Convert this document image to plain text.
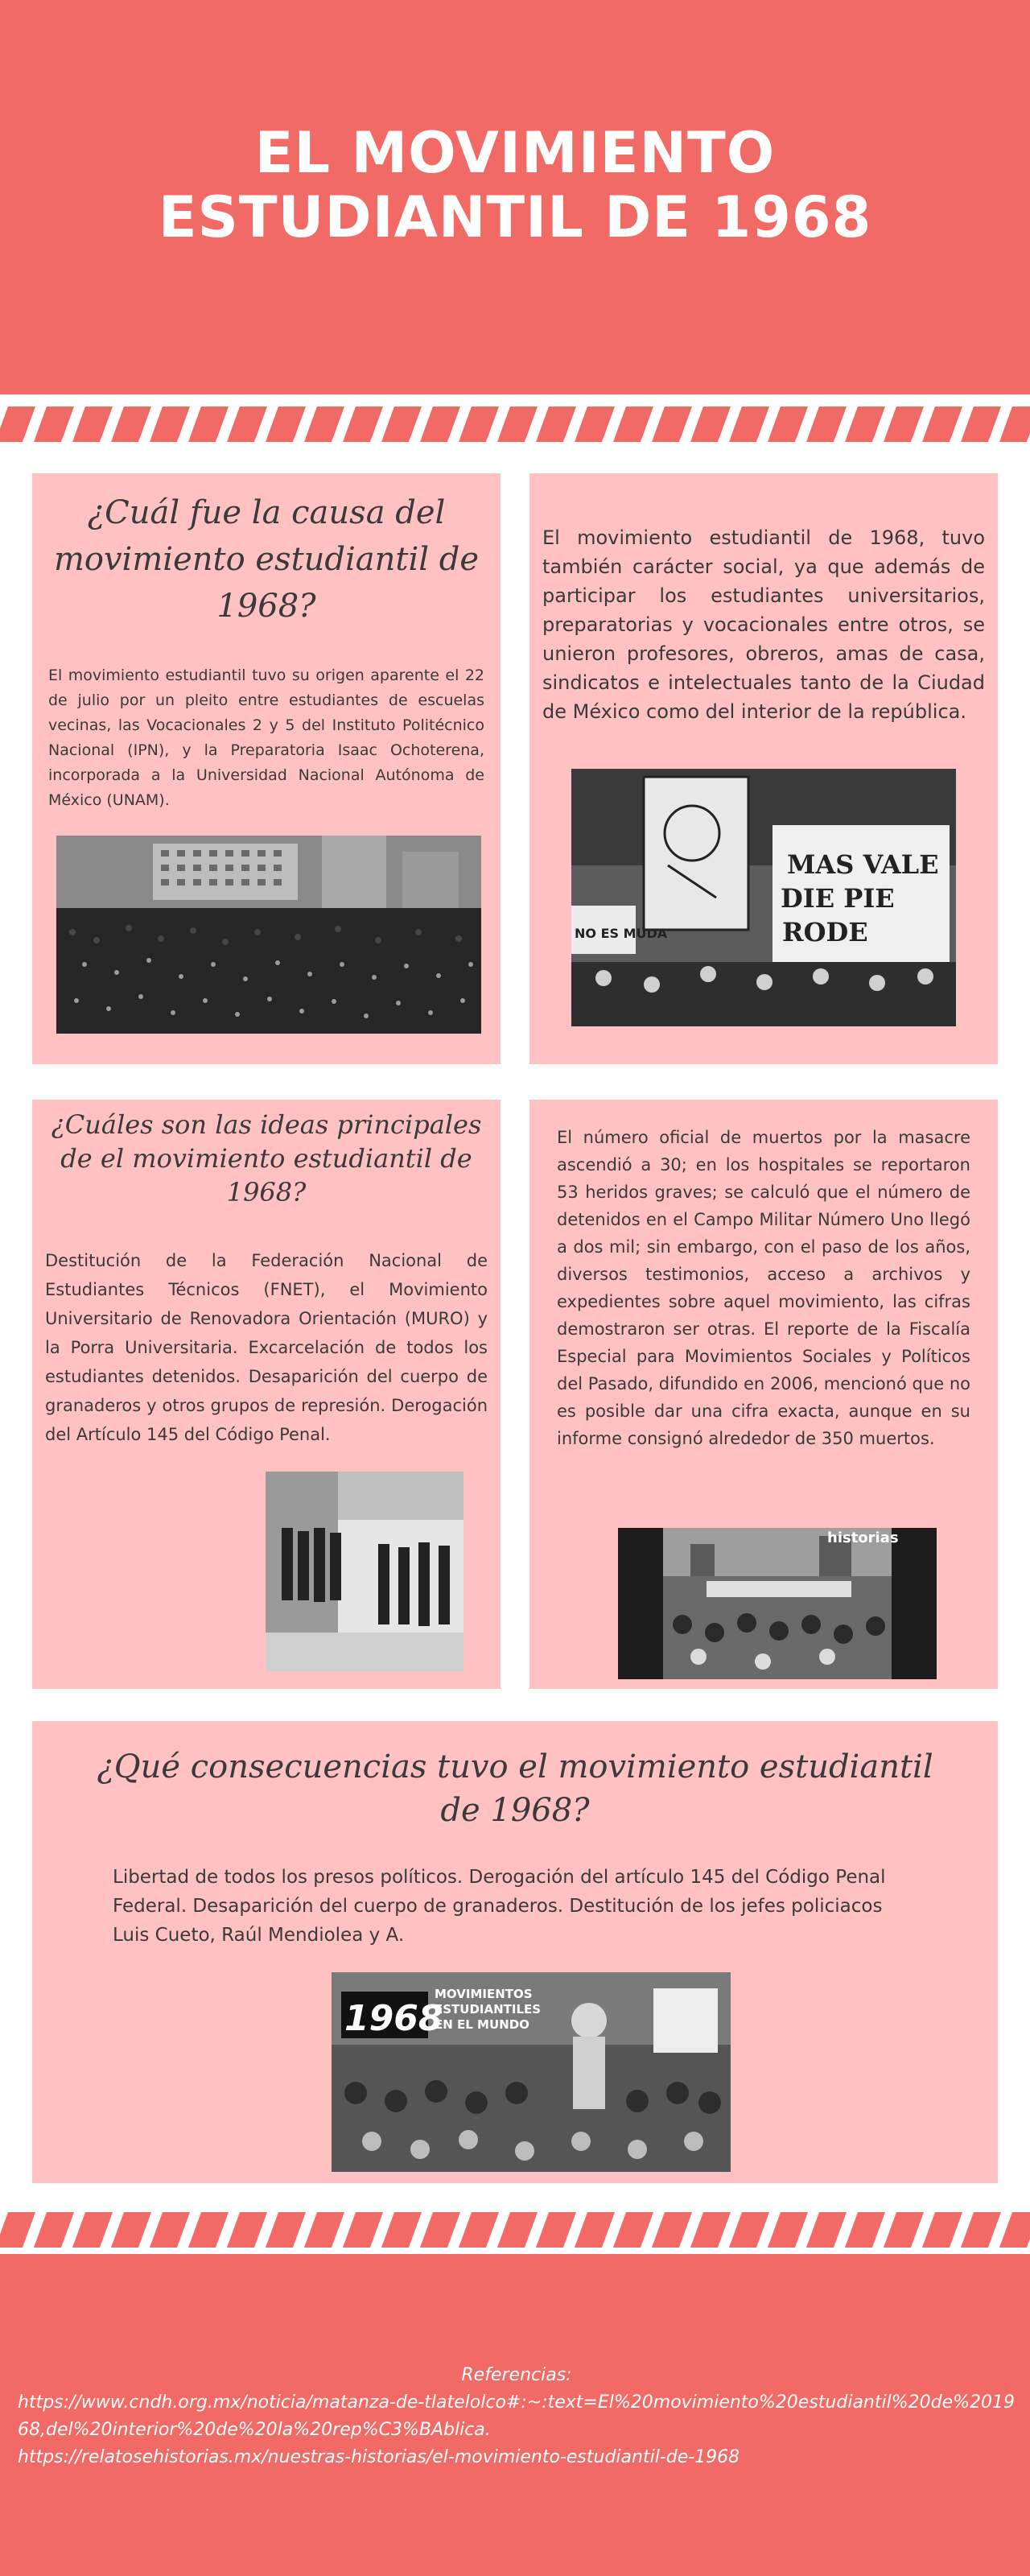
EL MOVIMIENTO
ESTUDIANTIL DE 1968
¿Cuál fue la causa del movimiento estudiantil de 1968?
El movimiento estudiantil tuvo su origen aparente el 22 de julio por un pleito entre estudiantes de escuelas vecinas, las Vocacionales 2 y 5 del Instituto Politécnico Nacional (IPN), y la Preparatoria Isaac Ochoterena, incorporada a la Universidad Nacional Autónoma de México (UNAM).
El movimiento estudiantil de 1968, tuvo también carácter social, ya que además de participar los estudiantes universitarios, preparatorias y vocacionales entre otros, se unieron profesores, obreros, amas de casa, sindicatos e intelectuales tanto de la Ciudad de México como del interior de la república.
MAS VALE
DIE PIE
RODE
NO ES MUDA
¿Cuáles son las ideas principales de el movimiento estudiantil de 1968?
Destitución de la Federación Nacional de Estudiantes Técnicos (FNET), el Movimiento Universitario de Renovadora Orientación (MURO) y la Porra Universitaria. Excarcelación de todos los estudiantes detenidos. Desaparición del cuerpo de granaderos y otros grupos de represión. Derogación del Artículo 145 del Código Penal.
El número oficial de muertos por la masacre ascendió a 30; en los hospitales se reportaron 53 heridos graves; se calculó que el número de detenidos en el Campo Militar Número Uno llegó a dos mil; sin embargo, con el paso de los años, diversos testimonios, acceso a archivos y expedientes sobre aquel movimiento, las cifras demostraron ser otras. El reporte de la Fiscalía Especial para Movimientos Sociales y Políticos del Pasado, difundido en 2006, mencionó que no es posible dar una cifra exacta, aunque en su informe consignó alrededor de 350 muertos.
historias
¿Qué consecuencias tuvo el movimiento estudiantil de 1968?
Libertad de todos los presos políticos. Derogación del artículo 145 del Código Penal Federal. Desaparición del cuerpo de granaderos. Destitución de los jefes policiacos Luis Cueto, Raúl Mendiolea y A.
1968
MOVIMIENTOS ESTUDIANTILES EN EL MUNDO
Referencias:
https://www.cndh.org.mx/noticia/matanza-de-tlatelolco#:~:text=El%20movimiento%20estudiantil%20de%201968,del%20interior%20de%20la%20rep%C3%BAblica.
https://relatosehistorias.mx/nuestras-historias/el-movimiento-estudiantil-de-1968
